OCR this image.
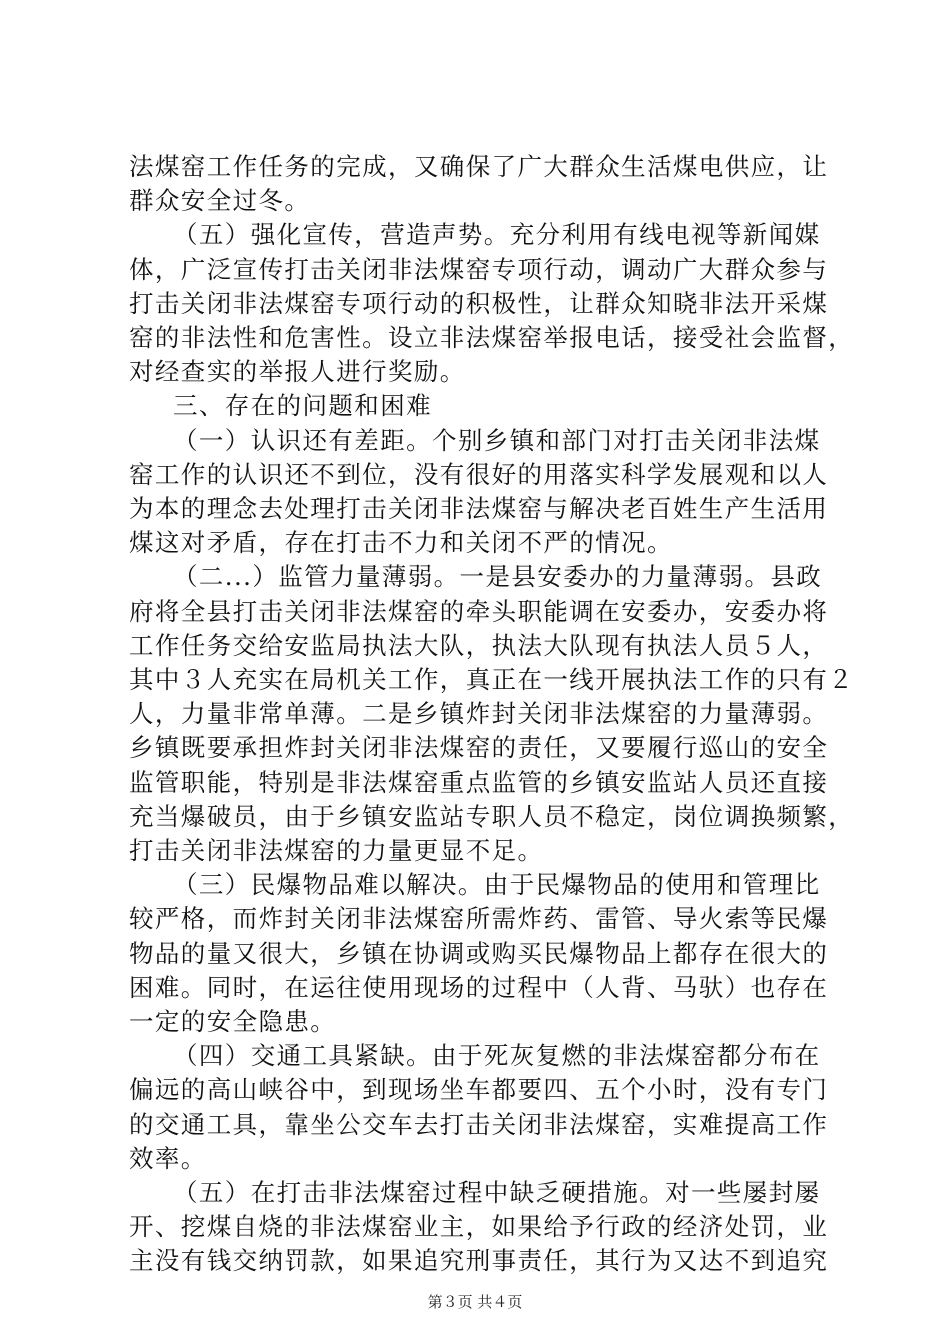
法煤窑工作任务的完成，又确保了广大群众生活煤电供应，让
群众安全过冬。
（五）强化宣传，营造声势。充分利用有线电视等新闻媒
体，广泛宣传打击关闭非法煤窑专项行动，调动广大群众参与
打击关闭非法煤窑专项行动的积极性，让群众知晓非法开采煤
窑的非法性和危害性。设立非法煤窑举报电话，接受社会监督，
对经查实的举报人进行奖励。
三、存在的问题和困难
（一）认识还有差距。个别乡镇和部门对打击关闭非法煤
窑工作的认识还不到位，没有很好的用落实科学发展观和以人
为本的理念去处理打击关闭非法煤窑与解决老百姓生产生活用
煤这对矛盾，存在打击不力和关闭不严的情况。
（二...）监管力量薄弱。一是县安委办的力量薄弱。县政
府将全县打击关闭非法煤窑的牵头职能调在安委办，安委办将
工作任务交给安监局执法大队，执法大队现有执法人员５人，
其中３人充实在局机关工作，真正在一线开展执法工作的只有２
人，力量非常单薄。二是乡镇炸封关闭非法煤窑的力量薄弱。
乡镇既要承担炸封关闭非法煤窑的责任，又要履行巡山的安全
监管职能，特别是非法煤窑重点监管的乡镇安监站人员还直接
充当爆破员，由于乡镇安监站专职人员不稳定，岗位调换频繁，
打击关闭非法煤窑的力量更显不足。
（三）民爆物品难以解决。由于民爆物品的使用和管理比
较严格，而炸封关闭非法煤窑所需炸药、雷管、导火索等民爆
物品的量又很大，乡镇在协调或购买民爆物品上都存在很大的
困难。同时，在运往使用现场的过程中（人背、马驮）也存在
一定的安全隐患。
（四）交通工具紧缺。由于死灰复燃的非法煤窑都分布在
偏远的高山峡谷中，到现场坐车都要四、五个小时，没有专门
的交通工具，靠坐公交车去打击关闭非法煤窑，实难提高工作
效率。
（五）在打击非法煤窑过程中缺乏硬措施。对一些屡封屡
开、挖煤自烧的非法煤窑业主，如果给予行政的经济处罚，业
主没有钱交纳罚款，如果追究刑事责任，其行为又达不到追究
第３页 共４页
